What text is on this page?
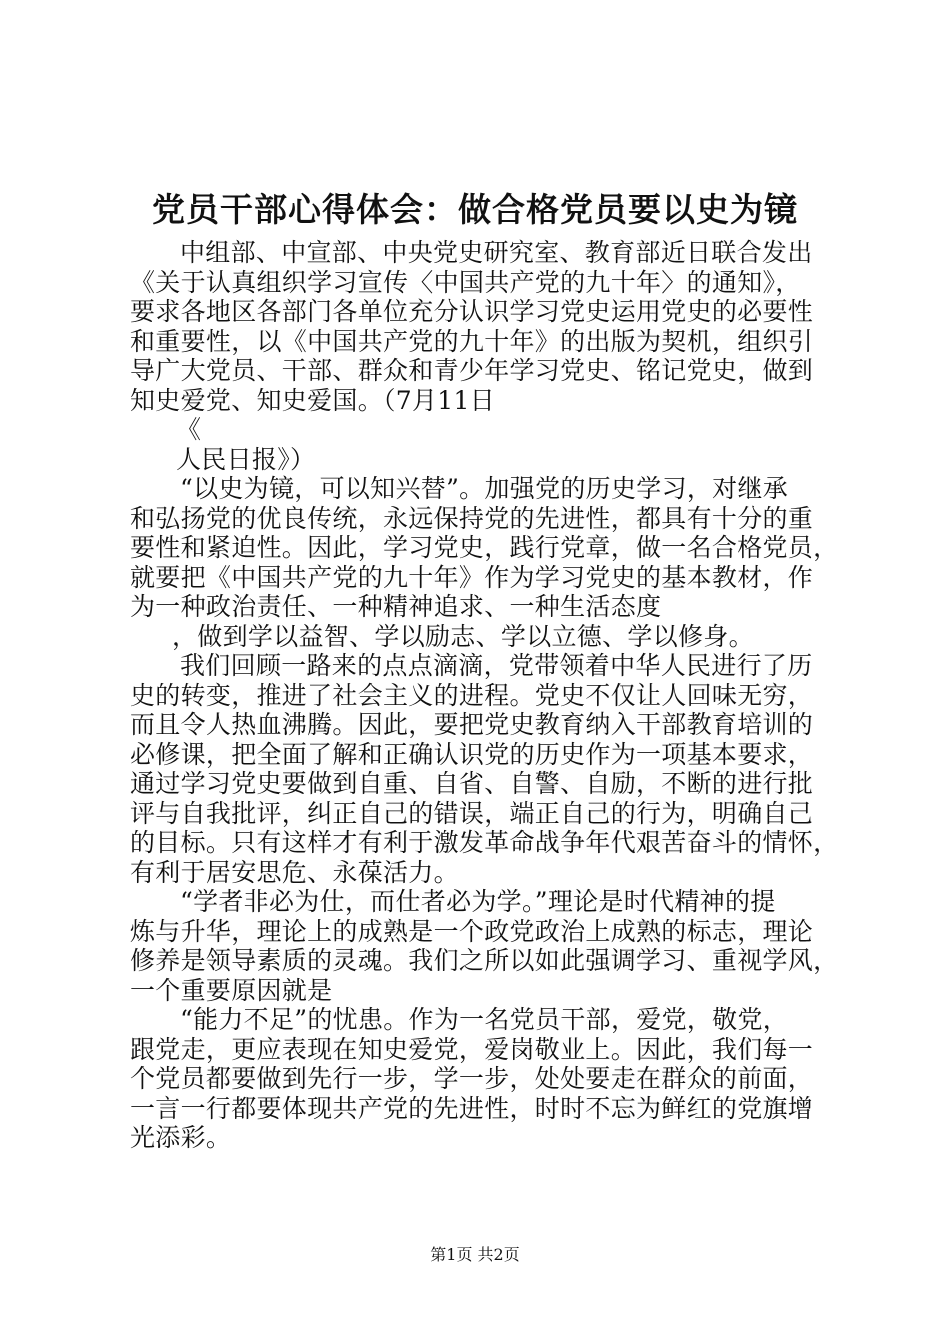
党员干部心得体会：做合格党员要以史为镜
中组部、中宣部、中央党史研究室、教育部近日联合发出
《关于认真组织学习宣传〈中国共产党的九十年〉的通知》，
要求各地区各部门各单位充分认识学习党史运用党史的必要性
和重要性，以《中国共产党的九十年》的出版为契机，组织引
导广大党员、干部、群众和青少年学习党史、铭记党史，做到
知史爱党、知史爱国。（7月11日
《
人民日报》）
“以史为镜，可以知兴替”。加强党的历史学习，对继承
和弘扬党的优良传统，永远保持党的先进性，都具有十分的重
要性和紧迫性。因此，学习党史，践行党章，做一名合格党员，
就要把《中国共产党的九十年》作为学习党史的基本教材，作
为一种政治责任、一种精神追求、一种生活态度
，做到学以益智、学以励志、学以立德、学以修身。
我们回顾一路来的点点滴滴，党带领着中华人民进行了历
史的转变，推进了社会主义的进程。党史不仅让人回味无穷，
而且令人热血沸腾。因此，要把党史教育纳入干部教育培训的
必修课，把全面了解和正确认识党的历史作为一项基本要求，
通过学习党史要做到自重、自省、自警、自励，不断的进行批
评与自我批评，纠正自己的错误，端正自己的行为，明确自己
的目标。只有这样才有利于激发革命战争年代艰苦奋斗的情怀，
有利于居安思危、永葆活力。
“学者非必为仕，而仕者必为学。”理论是时代精神的提
炼与升华，理论上的成熟是一个政党政治上成熟的标志，理论
修养是领导素质的灵魂。我们之所以如此强调学习、重视学风，
一个重要原因就是
“能力不足”的忧患。作为一名党员干部，爱党，敬党，
跟党走，更应表现在知史爱党，爱岗敬业上。因此，我们每一
个党员都要做到先行一步，学一步，处处要走在群众的前面，
一言一行都要体现共产党的先进性，时时不忘为鲜红的党旗增
光添彩。
第1页 共2页
